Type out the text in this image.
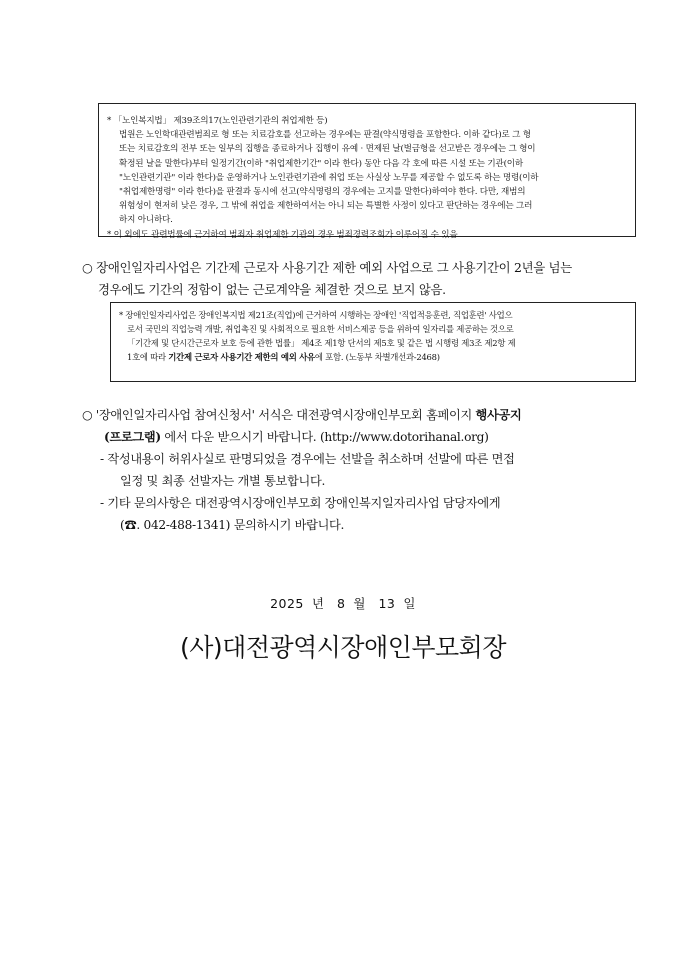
* 「노인복지법」 제39조의17(노인관련기관의 취업제한 등)
법원은 노인학대관련범죄로 형 또는 치료감호를 선고하는 경우에는 판결(약식명령을 포함한다. 이하 같다)로 그 형
또는 치료감호의 전부 또는 일부의 집행을 종료하거나 집행이 유예 · 면제된 날(벌금형을 선고받은 경우에는 그 형이
확정된 날을 말한다)부터 일정기간(이하 "취업제한기간" 이라 한다) 동안 다음 각 호에 따른 시설 또는 기관(이하
"노인관련기관" 이라 한다)을 운영하거나 노인관련기관에 취업 또는 사실상 노무를 제공할 수 없도록 하는 명령(이하
"취업제한명령" 이라 한다)을 판결과 동시에 선고(약식명령의 경우에는 고지를 말한다)하여야 한다. 다만, 재범의
위험성이 현저히 낮은 경우, 그 밖에 취업을 제한하여서는 아니 되는 특별한 사정이 있다고 판단하는 경우에는 그러
하지 아니하다.
* 이 외에도 관련법률에 근거하여 범죄자 취업제한 기관의 경우 범죄경력조회가 이루어질 수 있음
○ 장애인일자리사업은 기간제 근로자 사용기간 제한 예외 사업으로 그 사용기간이 2년을 넘는
경우에도 기간의 정함이 없는 근로계약을 체결한 것으로 보지 않음.
* 장애인일자리사업은 장애인복지법 제21조(직업)에 근거하여 시행하는 장애인 '직업적응훈련, 직업훈련' 사업으
로서 국민의 직업능력 개발, 취업촉진 및 사회적으로 필요한 서비스제공 등을 위하여 일자리를 제공하는 것으로
「기간제 및 단시간근로자 보호 등에 관한 법률」 제4조 제1항 단서의 제5호 및 같은 법 시행령 제3조 제2항 제
1호에 따라 기간제 근로자 사용기간 제한의 예외 사유에 포함. (노동부 차별개선과-2468)
○ '장애인일자리사업 참여신청서' 서식은 대전광역시장애인부모회 홈페이지 행사공지
(프로그램) 에서 다운 받으시기 바랍니다. (http://www.dotorihanal.org)
- 작성내용이 허위사실로 판명되었을 경우에는 선발을 취소하며 선발에 따른 면접
일정 및 최종 선발자는 개별 통보합니다.
- 기타 문의사항은 대전광역시장애인부모회 장애인복지일자리사업 담당자에게
(☎. 042-488-1341) 문의하시기 바랍니다.
2025 년 8 월 13 일
(사)대전광역시장애인부모회장
